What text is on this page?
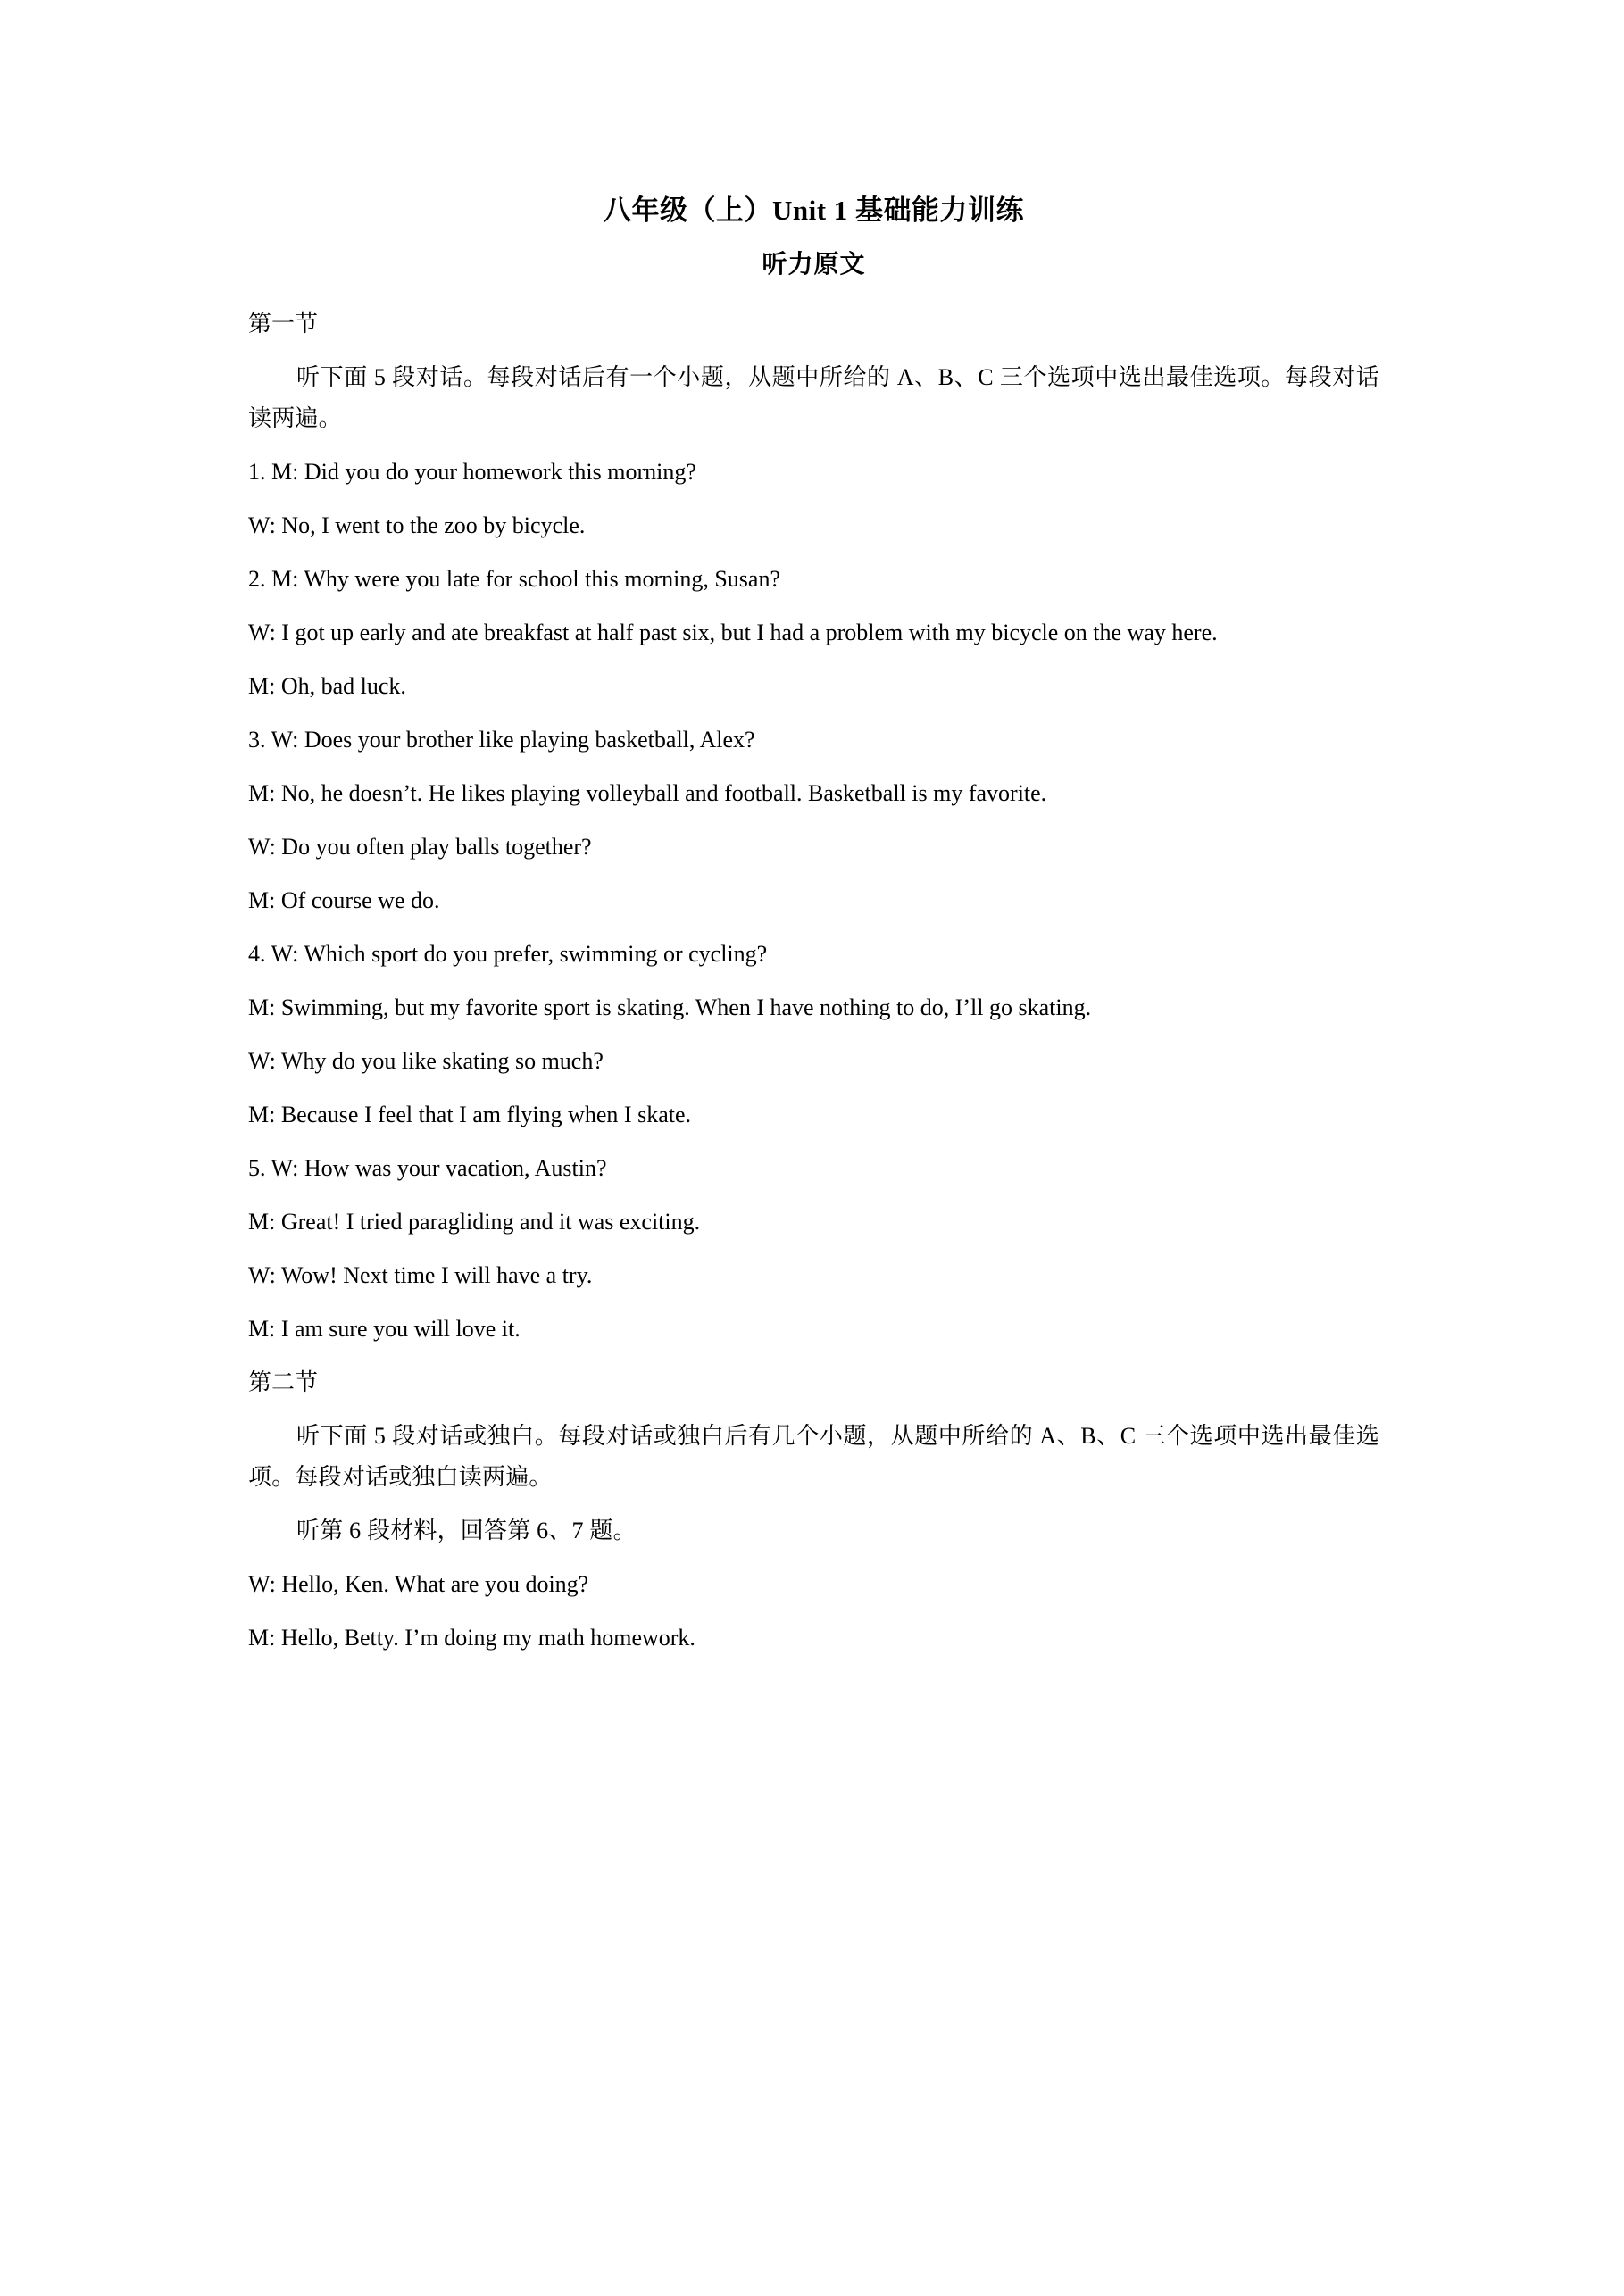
八年级（上）Unit 1 基础能力训练
听力原文

第一节

听下面 5 段对话。每段对话后有一个小题，从题中所给的 A、B、C 三个选项中选出最佳选项。每段对话读两遍。

1. M: Did you do your homework this morning?

W: No, I went to the zoo by bicycle.

2. M: Why were you late for school this morning, Susan?

W: I got up early and ate breakfast at half past six, but I had a problem with my bicycle on the way here.

M: Oh, bad luck.

3. W: Does your brother like playing basketball, Alex?

M: No, he doesn’t. He likes playing volleyball and football. Basketball is my favorite.

W: Do you often play balls together?

M: Of course we do.

4. W: Which sport do you prefer, swimming or cycling?

M: Swimming, but my favorite sport is skating. When I have nothing to do, I’ll go skating.

W: Why do you like skating so much?

M: Because I feel that I am flying when I skate.

5. W: How was your vacation, Austin?

M: Great! I tried paragliding and it was exciting.

W: Wow! Next time I will have a try.

M: I am sure you will love it.

第二节

听下面 5 段对话或独白。每段对话或独白后有几个小题，从题中所给的 A、B、C 三个选项中选出最佳选项。每段对话或独白读两遍。

听第 6 段材料，回答第 6、7 题。

W: Hello, Ken. What are you doing?

M: Hello, Betty. I’m doing my math homework.
